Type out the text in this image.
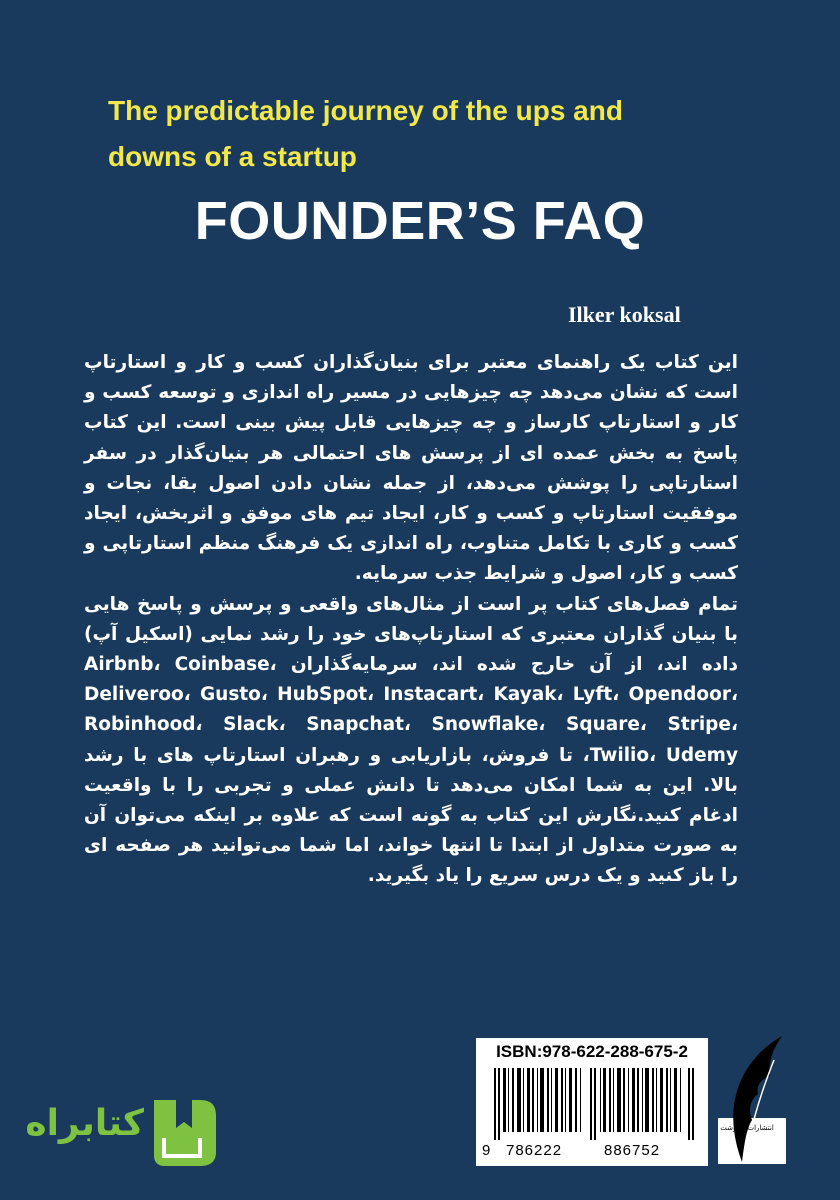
The predictable journey of the ups and downs of a startup
FOUNDER’S FAQ
Ilker koksal

این کتاب یک راهنمای معتبر برای بنیان‌گذاران کسب و کار و استارتاپ است که نشان می‌دهد چه چیزهایی در مسیر راه اندازی و توسعه کسب و کار و استارتاپ کارساز و چه چیزهایی قابل پیش بینی است. این کتاب پاسخ به بخش عمده ای از پرسش های احتمالی هر بنیان‌گذار در سفر استارتاپی را پوشش می‌دهد، از جمله نشان دادن اصول بقا، نجات و موفقیت استارتاپ و کسب و کار، ایجاد تیم های موفق و اثربخش، ایجاد کسب و کاری با تکامل متناوب، راه اندازی یک فرهنگ منظم استارتاپی و کسب و کار، اصول و شرایط جذب سرمایه.

تمام فصل‌های کتاب پر است از مثال‌های واقعی و پرسش و پاسخ هایی با بنیان گذاران معتبری که استارتاپ‌های خود را رشد نمایی (اسکیل آپ) داده اند، از آن خارج شده اند، سرمایه‌گذاران Airbnb، Coinbase، Deliveroo، Gusto، HubSpot، Instacart، Kayak، Lyft، Opendoor، Robinhood، Slack، Snapchat، Snowflake، Square، Stripe، Twilio، Udemy، تا فروش، بازاریابی و رهبران استارتاپ های با رشد بالا. این به شما امکان می‌دهد تا دانش عملی و تجربی را با واقعیت ادغام کنید.نگارش این کتاب به گونه است که علاوه بر اینکه می‌توان آن به صورت متداول از ابتدا تا انتها خواند، اما شما می‌توانید هر صفحه ای را باز کنید و یک درس سریع را یاد بگیرید.

ISBN:978-622-288-675-2
9 786222	886752
انتشارات زرنوشت
کتابراه
